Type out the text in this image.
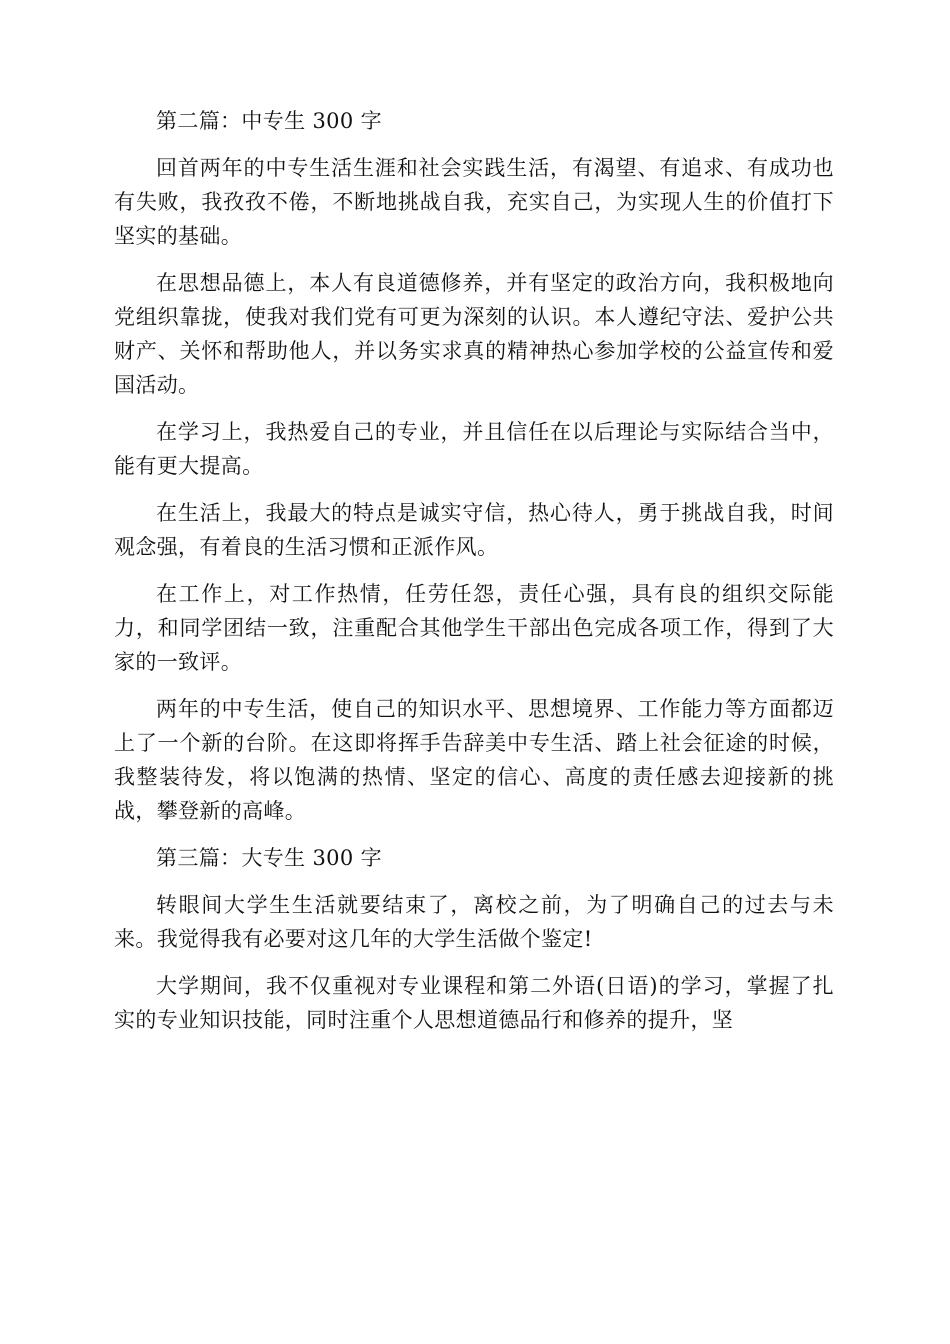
第二篇：中专生 300 字

回首两年的中专生活生涯和社会实践生活，有渴望、有追求、有成功也有失败，我孜孜不倦，不断地挑战自我，充实自己，为实现人生的价值打下坚实的基础。

在思想品德上，本人有良道德修养，并有坚定的政治方向，我积极地向党组织靠拢，使我对我们党有可更为深刻的认识。本人遵纪守法、爱护公共财产、关怀和帮助他人，并以务实求真的精神热心参加学校的公益宣传和爱国活动。

在学习上，我热爱自己的专业，并且信任在以后理论与实际结合当中，能有更大提高。

在生活上，我最大的特点是诚实守信，热心待人，勇于挑战自我，时间观念强，有着良的生活习惯和正派作风。

在工作上，对工作热情，任劳任怨，责任心强，具有良的组织交际能力，和同学团结一致，注重配合其他学生干部出色完成各项工作，得到了大家的一致评。

两年的中专生活，使自己的知识水平、思想境界、工作能力等方面都迈上了一个新的台阶。在这即将挥手告辞美中专生活、踏上社会征途的时候，我整装待发，将以饱满的热情、坚定的信心、高度的责任感去迎接新的挑战，攀登新的高峰。

第三篇：大专生 300 字

转眼间大学生生活就要结束了，离校之前，为了明确自己的过去与未来。我觉得我有必要对这几年的大学生活做个鉴定!

大学期间，我不仅重视对专业课程和第二外语(日语)的学习，掌握了扎实的专业知识技能，同时注重个人思想道德品行和修养的提升，坚
